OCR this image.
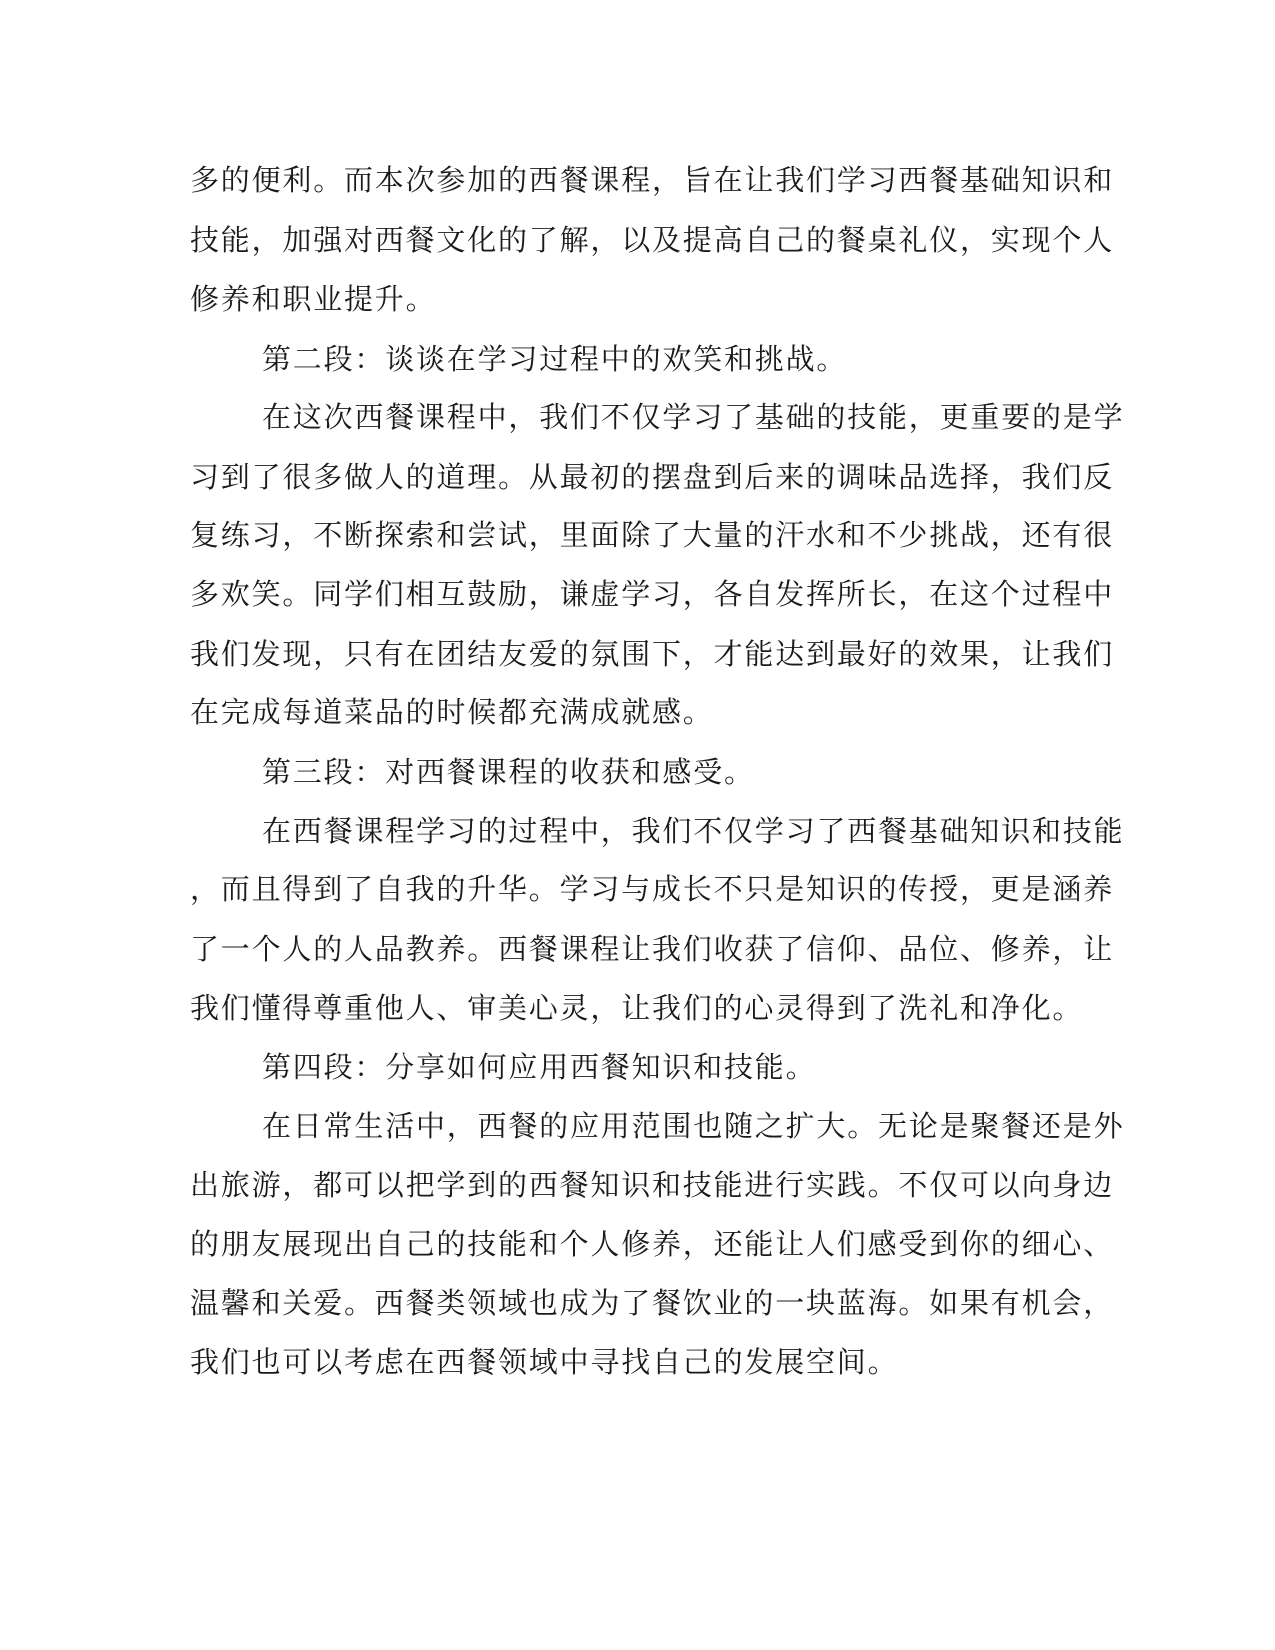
多的便利。而本次参加的西餐课程，旨在让我们学习西餐基础知识和

技能，加强对西餐文化的了解，以及提高自己的餐桌礼仪，实现个人

修养和职业提升。

第二段：谈谈在学习过程中的欢笑和挑战。

在这次西餐课程中，我们不仅学习了基础的技能，更重要的是学

习到了很多做人的道理。从最初的摆盘到后来的调味品选择，我们反

复练习，不断探索和尝试，里面除了大量的汗水和不少挑战，还有很

多欢笑。同学们相互鼓励，谦虚学习，各自发挥所长，在这个过程中

我们发现，只有在团结友爱的氛围下，才能达到最好的效果，让我们

在完成每道菜品的时候都充满成就感。

第三段：对西餐课程的收获和感受。

在西餐课程学习的过程中，我们不仅学习了西餐基础知识和技能

，而且得到了自我的升华。学习与成长不只是知识的传授，更是涵养

了一个人的人品教养。西餐课程让我们收获了信仰、品位、修养，让

我们懂得尊重他人、审美心灵，让我们的心灵得到了洗礼和净化。

第四段：分享如何应用西餐知识和技能。

在日常生活中，西餐的应用范围也随之扩大。无论是聚餐还是外

出旅游，都可以把学到的西餐知识和技能进行实践。不仅可以向身边

的朋友展现出自己的技能和个人修养，还能让人们感受到你的细心、

温馨和关爱。西餐类领域也成为了餐饮业的一块蓝海。如果有机会，

我们也可以考虑在西餐领域中寻找自己的发展空间。
